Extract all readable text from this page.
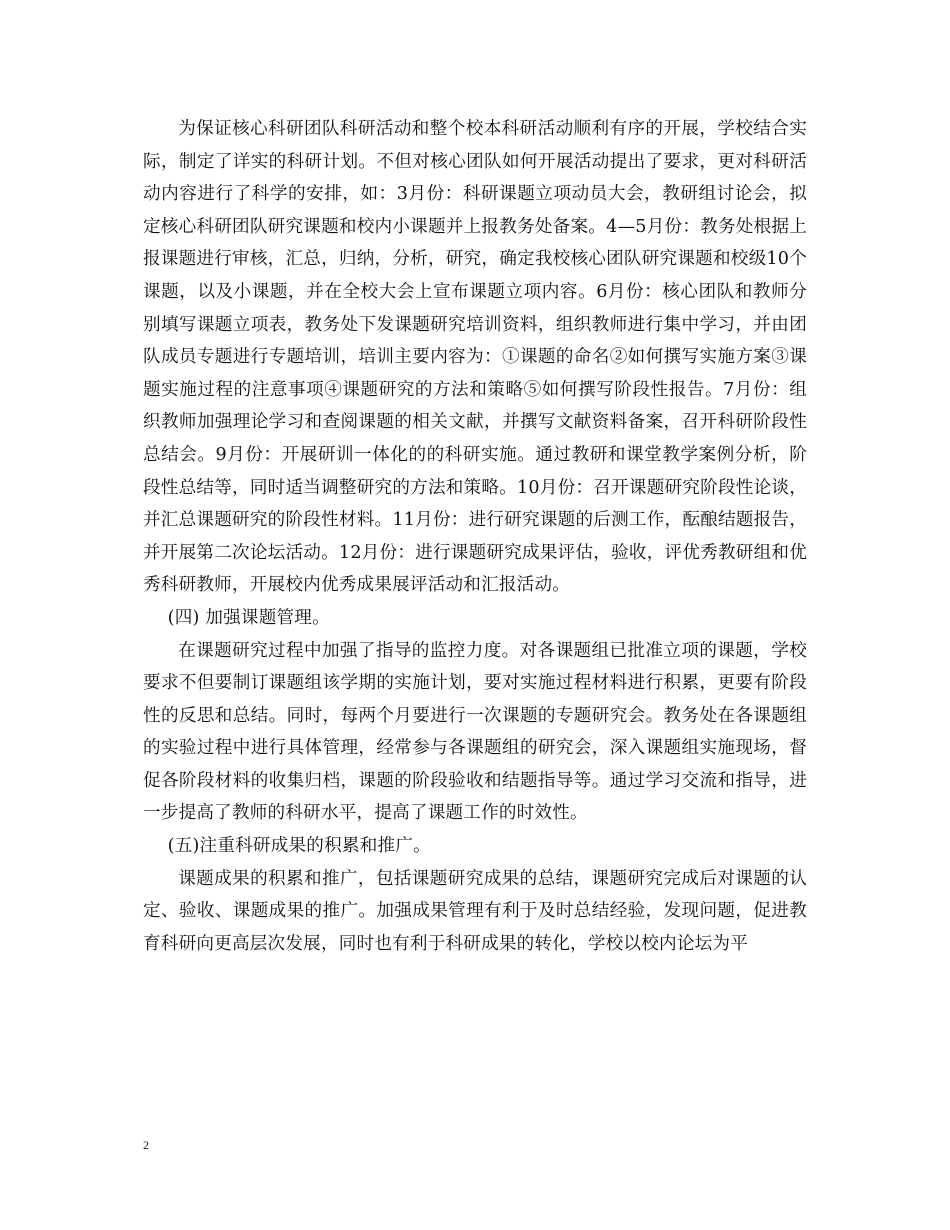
为保证核心科研团队科研活动和整个校本科研活动顺利有序的开展，学校结合实际，制定了详实的科研计划。不但对核心团队如何开展活动提出了要求，更对科研活动内容进行了科学的安排，如：3月份：科研课题立项动员大会，教研组讨论会，拟定核心科研团队研究课题和校内小课题并上报教务处备案。4—5月份：教务处根据上报课题进行审核，汇总，归纳，分析，研究，确定我校核心团队研究课题和校级10个课题，以及小课题，并在全校大会上宣布课题立项内容。6月份：核心团队和教师分别填写课题立项表，教务处下发课题研究培训资料，组织教师进行集中学习，并由团队成员专题进行专题培训，培训主要内容为：①课题的命名②如何撰写实施方案③课题实施过程的注意事项④课题研究的方法和策略⑤如何撰写阶段性报告。7月份：组织教师加强理论学习和查阅课题的相关文献，并撰写文献资料备案，召开科研阶段性总结会。9月份：开展研训一体化的的科研实施。通过教研和课堂教学案例分析，阶段性总结等，同时适当调整研究的方法和策略。10月份：召开课题研究阶段性论谈，并汇总课题研究的阶段性材料。11月份：进行研究课题的后测工作，酝酿结题报告，并开展第二次论坛活动。12月份：进行课题研究成果评估，验收，评优秀教研组和优秀科研教师，开展校内优秀成果展评活动和汇报活动。

(四) 加强课题管理。

在课题研究过程中加强了指导的监控力度。对各课题组已批准立项的课题，学校要求不但要制订课题组该学期的实施计划，要对实施过程材料进行积累，更要有阶段性的反思和总结。同时，每两个月要进行一次课题的专题研究会。教务处在各课题组的实验过程中进行具体管理，经常参与各课题组的研究会，深入课题组实施现场，督促各阶段材料的收集归档，课题的阶段验收和结题指导等。通过学习交流和指导，进一步提高了教师的科研水平，提高了课题工作的时效性。

(五)注重科研成果的积累和推广。

课题成果的积累和推广，包括课题研究成果的总结，课题研究完成后对课题的认定、验收、课题成果的推广。加强成果管理有利于及时总结经验，发现问题，促进教育科研向更高层次发展，同时也有利于科研成果的转化，学校以校内论坛为平

2
